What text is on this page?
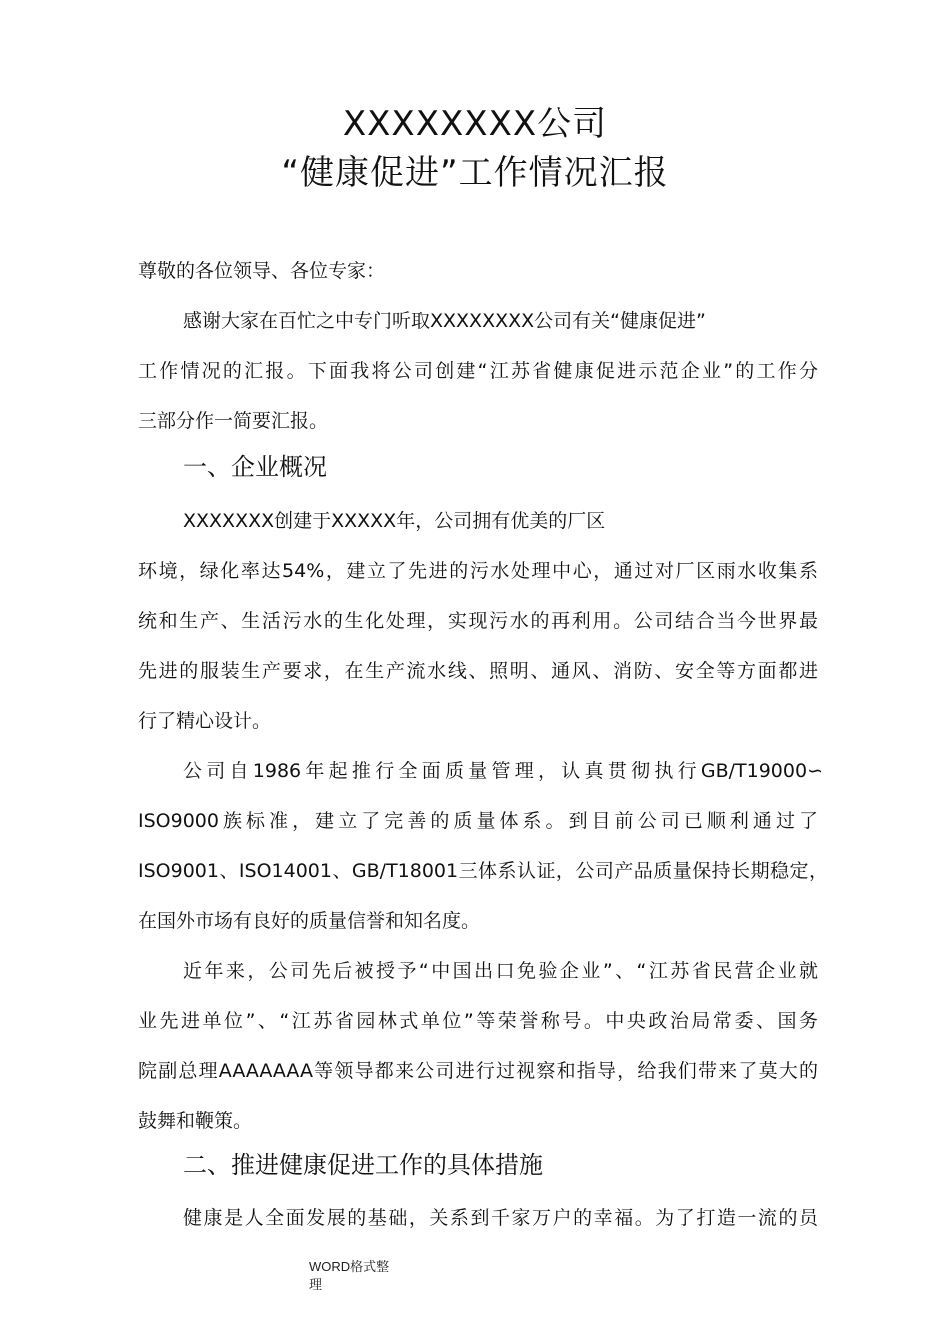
XXXXXXXX公司
“健康促进”工作情况汇报
尊敬的各位领导、各位专家：
感谢大家在百忙之中专门听取XXXXXXXX公司有关“健康促进”
工作情况的汇报。下面我将公司创建“江苏省健康促进示范企业”的工作分
三部分作一简要汇报。
一、企业概况
XXXXXXX创建于XXXXX年，公司拥有优美的厂区
环境，绿化率达54%，建立了先进的污水处理中心，通过对厂区雨水收集系
统和生产、生活污水的生化处理，实现污水的再利用。公司结合当今世界最
先进的服装生产要求，在生产流水线、照明、通风、消防、安全等方面都进
行了精心设计。
公司自1986年起推行全面质量管理，认真贯彻执行GB/T19000∽
ISO9000族标准，建立了完善的质量体系。到目前公司已顺利通过了
ISO9001、ISO14001、GB/T18001三体系认证，公司产品质量保持长期稳定，
在国外市场有良好的质量信誉和知名度。
近年来，公司先后被授予“中国出口免验企业”、“江苏省民营企业就
业先进单位”、“江苏省园林式单位”等荣誉称号。中央政治局常委、国务
院副总理AAAAAAA等领导都来公司进行过视察和指导，给我们带来了莫大的
鼓舞和鞭策。
二、推进健康促进工作的具体措施
健康是人全面发展的基础，关系到千家万户的幸福。为了打造一流的员
WORD格式整
理
